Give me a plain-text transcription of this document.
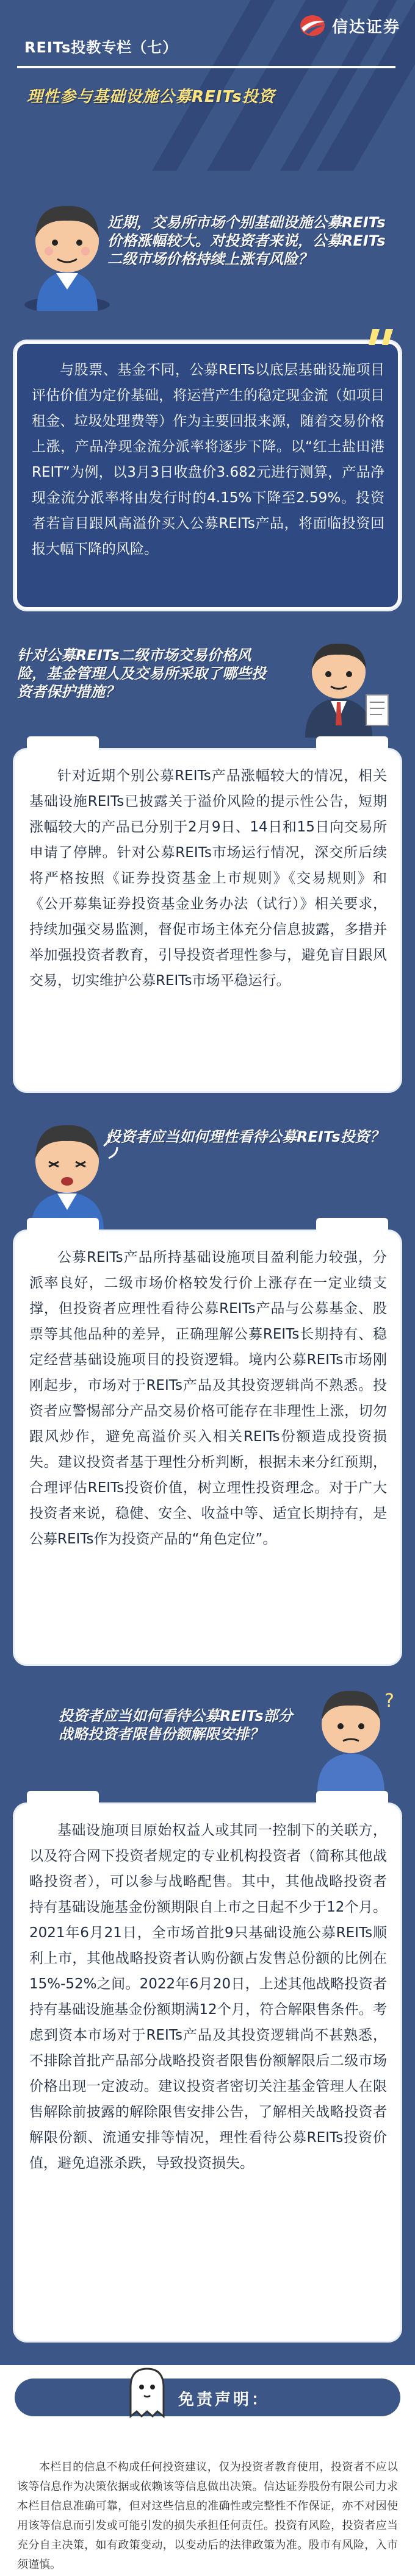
信达证券
REITs投教专栏（七）
理性参与基础设施公募REITs投资
近期，交易所市场个别基础设施公募REITs价格涨幅较大。对投资者来说，公募REITs二级市场价格持续上涨有风险？

与股票、基金不同，公募REITs以底层基础设施项目评估价值为定价基础，将运营产生的稳定现金流（如项目租金、垃圾处理费等）作为主要回报来源，随着交易价格上涨，产品净现金流分派率将逐步下降。以“红土盐田港REIT”为例，以3月3日收盘价3.682元进行测算，产品净现金流分派率将由发行时的4.15%下降至2.59%。投资者若盲目跟风高溢价买入公募REITs产品，将面临投资回报大幅下降的风险。

针对公募REITs二级市场交易价格风险，基金管理人及交易所采取了哪些投资者保护措施？

针对近期个别公募REITs产品涨幅较大的情况，相关基础设施REITs已披露关于溢价风险的提示性公告，短期涨幅较大的产品已分别于2月9日、14日和15日向交易所申请了停牌。针对公募REITs市场运行情况，深交所后续将严格按照《证券投资基金上市规则》《交易规则》和《公开募集证券投资基金业务办法（试行）》相关要求，持续加强交易监测，督促市场主体充分信息披露，多措并举加强投资者教育，引导投资者理性参与，避免盲目跟风交易，切实维护公募REITs市场平稳运行。

投资者应当如何理性看待公募REITs投资？

公募REITs产品所持基础设施项目盈利能力较强，分派率良好，二级市场价格较发行价上涨存在一定业绩支撑，但投资者应理性看待公募REITs产品与公募基金、股票等其他品种的差异，正确理解公募REITs长期持有、稳定经营基础设施项目的投资逻辑。境内公募REITs市场刚刚起步，市场对于REITs产品及其投资逻辑尚不熟悉。投资者应警惕部分产品交易价格可能存在非理性上涨，切勿跟风炒作，避免高溢价买入相关REITs份额造成投资损失。建议投资者基于理性分析判断，根据未来分红预期，合理评估REITs投资价值，树立理性投资理念。对于广大投资者来说，稳健、安全、收益中等、适宜长期持有，是公募REITs作为投资产品的“角色定位”。

投资者应当如何看待公募REITs部分战略投资者限售份额解限安排？
?

基础设施项目原始权益人或其同一控制下的关联方，以及符合网下投资者规定的专业机构投资者（简称其他战略投资者），可以参与战略配售。其中，其他战略投资者持有基础设施基金份额期限自上市之日起不少于12个月。2021年6月21日，全市场首批9只基础设施公募REITs顺利上市，其他战略投资者认购份额占发售总份额的比例在15%-52%之间。2022年6月20日，上述其他战略投资者持有基础设施基金份额期满12个月，符合解限售条件。考虑到资本市场对于REITs产品及其投资逻辑尚不甚熟悉，不排除首批产品部分战略投资者限售份额解限后二级市场价格出现一定波动。建议投资者密切关注基金管理人在限售解除前披露的解除限售安排公告，了解相关战略投资者解限份额、流通安排等情况，理性看待公募REITs投资价值，避免追涨杀跌，导致投资损失。

免责声明：

本栏目的信息不构成任何投资建议，仅为投资者教育使用，投资者不应以该等信息作为决策依据或依赖该等信息做出决策。信达证券股份有限公司力求本栏目信息准确可靠，但对这些信息的准确性或完整性不作保证，亦不对因使用该等信息而引发或可能引发的损失承担任何责任。投资有风险，投资者应当充分自主决策，如有政策变动，以变动后的法律政策为准。股市有风险，入市须谨慎。
